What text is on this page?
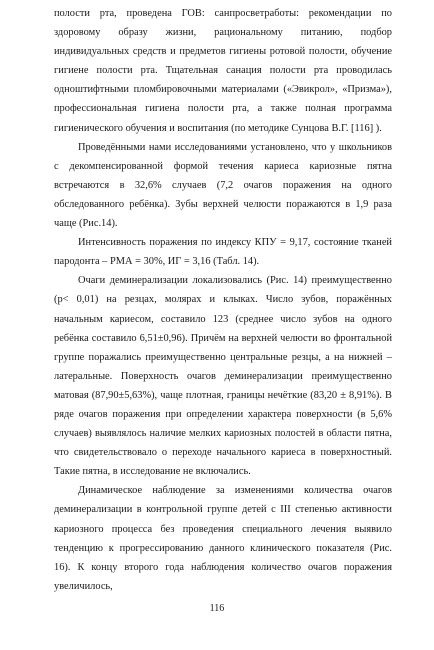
полости рта, проведена ГОВ: санпросветработы: рекомендации по здоровому образу жизни, рациональному питанию, подбор индивидуальных средств и предметов гигиены ротовой полости, обучение гигиене полости рта. Тщательная санация полости рта проводилась одноштифтными пломбировочными материалами («Эвикрол», «Призма»), профессиональная гигиена полости рта, а также полная программа гигиенического обучения и воспитания (по методике Сунцова В.Г. [116] ).

Проведёнными нами исследованиями установлено, что у школьников с декомпенсированной формой течения кариеса кариозные пятна встречаются в 32,6% случаев (7,2 очагов поражения на одного обследованного ребёнка). Зубы верхней челюсти поражаются в 1,9 раза чаще (Рис.14).

Интенсивность поражения по индексу КПУ = 9,17, состояние тканей пародонта – РМА = 30%, ИГ = 3,16 (Табл. 14).

Очаги деминерализации локализовались (Рис. 14) преимущественно (р< 0,01) на резцах, молярах и клыках. Число зубов, поражённых начальным кариесом, составило 123 (среднее число зубов на одного ребёнка составило 6,51±0,96). Причём на верхней челюсти во фронтальной группе поражались преимущественно центральные резцы, а на нижней – латеральные. Поверхность очагов деминерализации преимущественно матовая (87,90±5,63%), чаще плотная, границы нечёткие (83,20 ± 8,91%). В ряде очагов поражения при определении характера поверхности (в 5,6% случаев) выявлялось наличие мелких кариозных полостей в области пятна, что свидетельствовало о переходе начального кариеса в поверхностный. Такие пятна, в исследование не включались.

Динамическое наблюдение за изменениями количества очагов деминерализации в контрольной группе детей с III степенью активности кариозного процесса без проведения специального лечения выявило тенденцию к прогрессированию данного клинического показателя (Рис. 16). К концу второго года наблюдения количество очагов поражения увеличилось,

116
